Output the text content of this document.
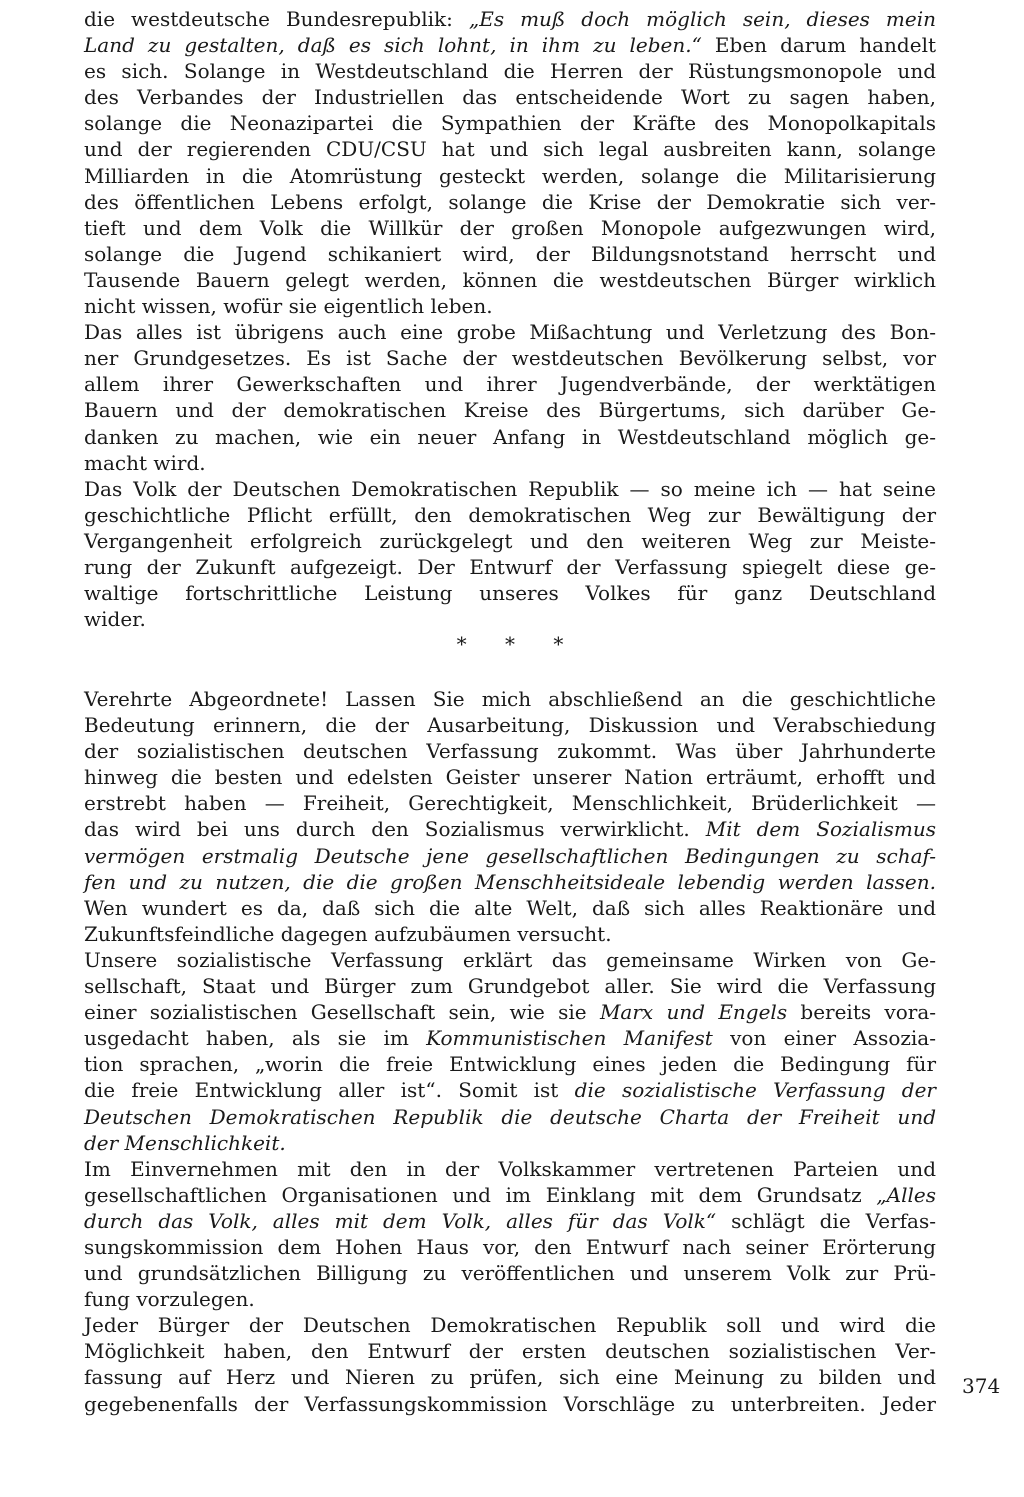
die westdeutsche Bundesrepublik: „Es muß doch möglich sein, dieses mein
Land zu gestalten, daß es sich lohnt, in ihm zu leben.“ Eben darum handelt
es sich. Solange in Westdeutschland die Herren der Rüstungsmonopole und
des Verbandes der Industriellen das entscheidende Wort zu sagen haben,
solange die Neonazipartei die Sympathien der Kräfte des Monopolkapitals
und der regierenden CDU/CSU hat und sich legal ausbreiten kann, solange
Milliarden in die Atomrüstung gesteckt werden, solange die Militarisierung
des öffentlichen Lebens erfolgt, solange die Krise der Demokratie sich ver-
tieft und dem Volk die Willkür der großen Monopole aufgezwungen wird,
solange die Jugend schikaniert wird, der Bildungsnotstand herrscht und
Tausende Bauern gelegt werden, können die westdeutschen Bürger wirklich
nicht wissen, wofür sie eigentlich leben.
Das alles ist übrigens auch eine grobe Mißachtung und Verletzung des Bon-
ner Grundgesetzes. Es ist Sache der westdeutschen Bevölkerung selbst, vor
allem ihrer Gewerkschaften und ihrer Jugendverbände, der werktätigen
Bauern und der demokratischen Kreise des Bürgertums, sich darüber Ge-
danken zu machen, wie ein neuer Anfang in Westdeutschland möglich ge-
macht wird.
Das Volk der Deutschen Demokratischen Republik — so meine ich — hat seine
geschichtliche Pflicht erfüllt, den demokratischen Weg zur Bewältigung der
Vergangenheit erfolgreich zurückgelegt und den weiteren Weg zur Meiste-
rung der Zukunft aufgezeigt. Der Entwurf der Verfassung spiegelt diese ge-
waltige fortschrittliche Leistung unseres Volkes für ganz Deutschland
wider.
* * *
Verehrte Abgeordnete! Lassen Sie mich abschließend an die geschichtliche
Bedeutung erinnern, die der Ausarbeitung, Diskussion und Verabschiedung
der sozialistischen deutschen Verfassung zukommt. Was über Jahrhunderte
hinweg die besten und edelsten Geister unserer Nation erträumt, erhofft und
erstrebt haben — Freiheit, Gerechtigkeit, Menschlichkeit, Brüderlichkeit —
das wird bei uns durch den Sozialismus verwirklicht. Mit dem Sozialismus
vermögen erstmalig Deutsche jene gesellschaftlichen Bedingungen zu schaf-
fen und zu nutzen, die die großen Menschheitsideale lebendig werden lassen.
Wen wundert es da, daß sich die alte Welt, daß sich alles Reaktionäre und
Zukunftsfeindliche dagegen aufzubäumen versucht.
Unsere sozialistische Verfassung erklärt das gemeinsame Wirken von Ge-
sellschaft, Staat und Bürger zum Grundgebot aller. Sie wird die Verfassung
einer sozialistischen Gesellschaft sein, wie sie Marx und Engels bereits vora-
usgedacht haben, als sie im Kommunistischen Manifest von einer Assozia-
tion sprachen, „worin die freie Entwicklung eines jeden die Bedingung für
die freie Entwicklung aller ist“. Somit ist die sozialistische Verfassung der
Deutschen Demokratischen Republik die deutsche Charta der Freiheit und
der Menschlichkeit.
Im Einvernehmen mit den in der Volkskammer vertretenen Parteien und
gesellschaftlichen Organisationen und im Einklang mit dem Grundsatz „Alles
durch das Volk, alles mit dem Volk, alles für das Volk“ schlägt die Verfas-
sungskommission dem Hohen Haus vor, den Entwurf nach seiner Erörterung
und grundsätzlichen Billigung zu veröffentlichen und unserem Volk zur Prü-
fung vorzulegen.
Jeder Bürger der Deutschen Demokratischen Republik soll und wird die
Möglichkeit haben, den Entwurf der ersten deutschen sozialistischen Ver-
fassung auf Herz und Nieren zu prüfen, sich eine Meinung zu bilden und
gegebenenfalls der Verfassungskommission Vorschläge zu unterbreiten. Jeder
374
